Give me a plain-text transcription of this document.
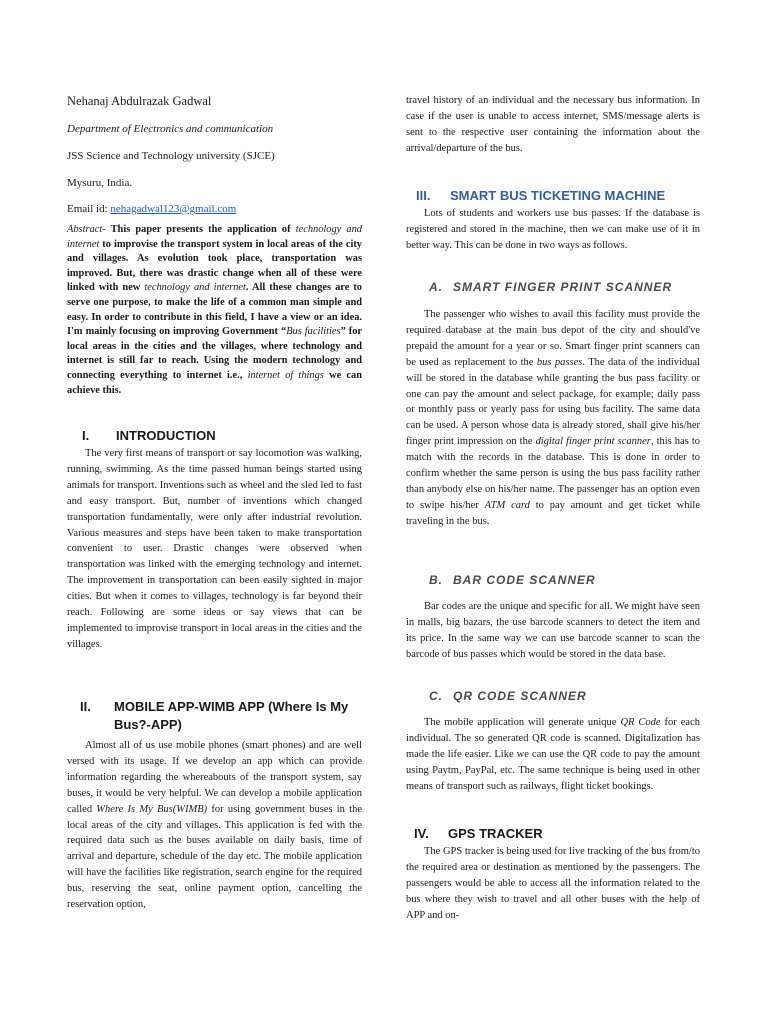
Nehanaj Abdulrazak Gadwal
Department of Electronics and communication
JSS Science and Technology university (SJCE)
Mysuru, India.
Email id: nehagadwal123@gmail.com

Abstract- This paper presents the application of technology and internet to improvise the transport system in local areas of the city and villages. As evolution took place, transportation was improved. But, there was drastic change when all of these were linked with new technology and internet. All these changes are to serve one purpose, to make the life of a common man simple and easy. In order to contribute in this field, I have a view or an idea. I'm mainly focusing on improving Government “Bus facilities” for local areas in the cities and the villages, where technology and internet is still far to reach. Using the modern technology and connecting everything to internet i.e., internet of things we can achieve this.

I. INTRODUCTION

The very first means of transport or say locomotion was walking, running, swimming. As the time passed human beings started using animals for transport. Inventions such as wheel and the sled led to fast and easy transport. But, number of inventions which changed transportation fundamentally, were only after industrial revolution. Various measures and steps have been taken to make transportation convenient to user. Drastic changes were observed when transportation was linked with the emerging technology and internet. The improvement in transportation can been easily sighted in major cities. But when it comes to villages, technology is far beyond their reach. Following are some ideas or say views that can be implemented to improvise transport in local areas in the cities and the villages.

II. MOBILE APP-WIMB APP (Where Is My
Bus?-APP)

Almost all of us use mobile phones (smart phones) and are well versed with its usage. If we develop an app which can provide information regarding the whereabouts of the transport system, say buses, it would be very helpful. We can develop a mobile application called Where Is My Bus(WIMB) for using government buses in the local areas of the city and villages. This application is fed with the required data such as the buses available on daily basis, time of arrival and departure, schedule of the day etc. The mobile application will have the facilities like registration, search engine for the required bus, reserving the seat, online payment option, cancelling the reservation option,

travel history of an individual and the necessary bus information. In case if the user is unable to access internet, SMS/message alerts is sent to the respective user containing the information about the arrival/departure of the bus.

III. SMART BUS TICKETING MACHINE

Lots of students and workers use bus passes. If the database is registered and stored in the machine, then we can make use of it in better way. This can be done in two ways as follows.

A. SMART FINGER PRINT SCANNER

The passenger who wishes to avail this facility must provide the required database at the main bus depot of the city and should've prepaid the amount for a year or so. Smart finger print scanners can be used as replacement to the bus passes. The data of the individual will be stored in the database while granting the bus pass facility or one can pay the amount and select package, for example; daily pass or monthly pass or yearly pass for using bus facility. The same data can be used. A person whose data is already stored, shall give his/her finger print impression on the digital finger print scanner, this has to match with the records in the database. This is done in order to confirm whether the same person is using the bus pass facility rather than anybody else on his/her name. The passenger has an option even to swipe his/her ATM card to pay amount and get ticket while traveling in the bus.

B. BAR CODE SCANNER

Bar codes are the unique and specific for all. We might have seen in malls, big bazars, the use barcode scanners to detect the item and its price. In the same way we can use barcode scanner to scan the barcode of bus passes which would be stored in the data base.

C. QR CODE SCANNER

The mobile application will generate unique QR Code for each individual. The so generated QR code is scanned. Digitalization has made the life easier. Like we can use the QR code to pay the amount using Paytm, PayPal, etc. The same technique is being used in other means of transport such as railways, flight ticket bookings.

IV. GPS TRACKER

The GPS tracker is being used for live tracking of the bus from/to the required area or destination as mentioned by the passengers. The passengers would be able to access all the information related to the bus where they wish to travel and all other buses with the help of APP and on-
